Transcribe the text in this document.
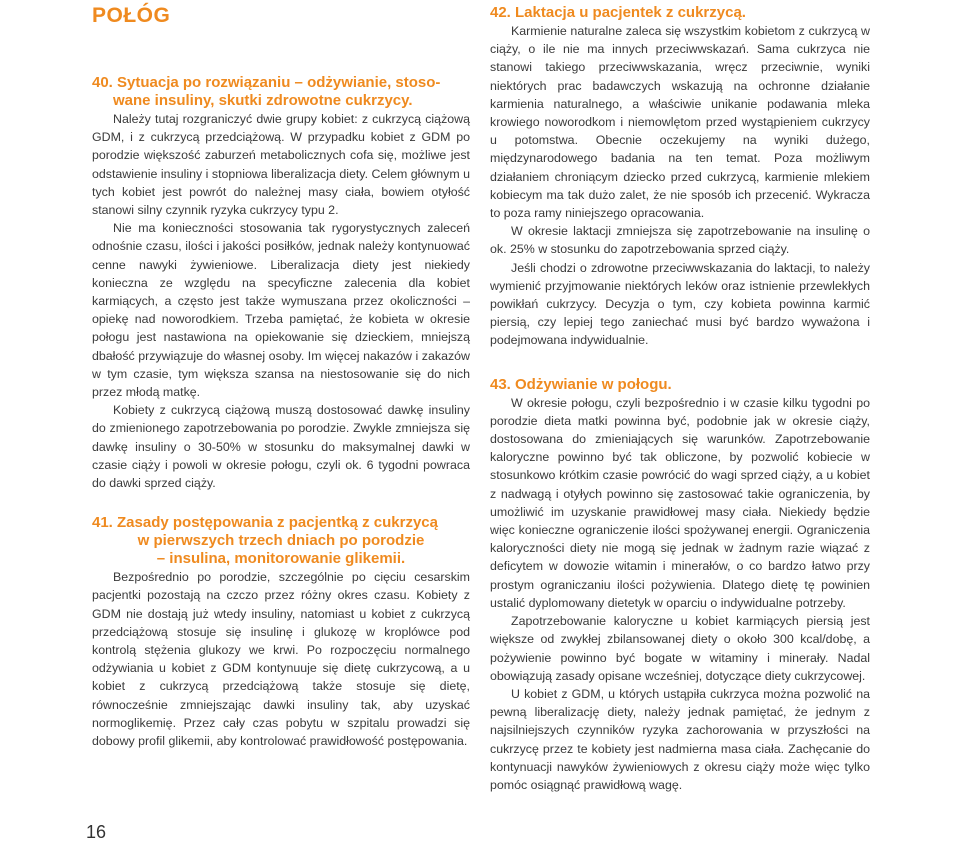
POŁÓG
40. Sytuacja po rozwiązaniu – odżywianie, stoso-
wane insuliny, skutki zdrowotne cukrzycy.

Należy tutaj rozgraniczyć dwie grupy kobiet: z cukrzycą ciążową GDM, i z cukrzycą przedciążową. W przypadku kobiet z GDM po porodzie większość zaburzeń metabolicznych cofa się, możliwe jest odstawienie insuliny i stopniowa liberalizacja diety. Celem głównym u tych kobiet jest powrót do należnej masy ciała, bowiem otyłość stanowi silny czynnik ryzyka cukrzycy typu 2.

Nie ma konieczności stosowania tak rygorystycznych zaleceń odnośnie czasu, ilości i jakości posiłków, jednak należy kontynuować cenne nawyki żywieniowe. Liberalizacja diety jest niekiedy konieczna ze względu na specyficzne zalecenia dla kobiet karmiących, a często jest także wymuszana przez okoliczności – opiekę nad noworodkiem. Trzeba pamiętać, że kobieta w okresie połogu jest nastawiona na opiekowanie się dzieckiem, mniejszą dbałość przywiązuje do własnej osoby. Im więcej nakazów i zakazów w tym czasie, tym większa szansa na niestosowanie się do nich przez młodą matkę.

Kobiety z cukrzycą ciążową muszą dostosować dawkę insuliny do zmienionego zapotrzebowania po porodzie. Zwykle zmniejsza się dawkę insuliny o 30-50% w stosunku do maksymalnej dawki w czasie ciąży i powoli w okresie połogu, czyli ok. 6 tygodni powraca do dawki sprzed ciąży.

41. Zasady postępowania z pacjentką z cukrzycą
w pierwszych trzech dniach po porodzie
– insulina, monitorowanie glikemii.

Bezpośrednio po porodzie, szczególnie po cięciu cesarskim pacjentki pozostają na czczo przez różny okres czasu. Kobiety z GDM nie dostają już wtedy insuliny, natomiast u kobiet z cukrzycą przedciążową stosuje się insulinę i glukozę w kroplówce pod kontrolą stężenia glukozy we krwi. Po rozpoczęciu normalnego odżywiania u kobiet z GDM kontynuuje się dietę cukrzycową, a u kobiet z cukrzycą przedciążową także stosuje się dietę, równocześnie zmniejszając dawki insuliny tak, aby uzyskać normoglikemię. Przez cały czas pobytu w szpitalu prowadzi się dobowy profil glikemii, aby kontrolować prawidłowość postępowania.

42. Laktacja u pacjentek z cukrzycą.

Karmienie naturalne zaleca się wszystkim kobietom z cukrzycą w ciąży, o ile nie ma innych przeciwwskazań. Sama cukrzyca nie stanowi takiego przeciwwskazania, wręcz przeciwnie, wyniki niektórych prac badawczych wskazują na ochronne działanie karmienia naturalnego, a właściwie unikanie podawania mleka krowiego noworodkom i niemowlętom przed wystąpieniem cukrzycy u potomstwa. Obecnie oczekujemy na wyniki dużego, międzynarodowego badania na ten temat. Poza możliwym działaniem chroniącym dziecko przed cukrzycą, karmienie mlekiem kobiecym ma tak dużo zalet, że nie sposób ich przecenić. Wykracza to poza ramy niniejszego opracowania.

W okresie laktacji zmniejsza się zapotrzebowanie na insulinę o ok. 25% w stosunku do zapotrzebowania sprzed ciąży.

Jeśli chodzi o zdrowotne przeciwwskazania do laktacji, to należy wymienić przyjmowanie niektórych leków oraz istnienie przewlekłych powikłań cukrzycy. Decyzja o tym, czy kobieta powinna karmić piersią, czy lepiej tego zaniechać musi być bardzo wyważona i podejmowana indywidualnie.

43. Odżywianie w połogu.

W okresie połogu, czyli bezpośrednio i w czasie kilku tygodni po porodzie dieta matki powinna być, podobnie jak w okresie ciąży, dostosowana do zmieniających się warunków. Zapotrzebowanie kaloryczne powinno być tak obliczone, by pozwolić kobiecie w stosunkowo krótkim czasie powrócić do wagi sprzed ciąży, a u kobiet z nadwagą i otyłych powinno się zastosować takie ograniczenia, by umożliwić im uzyskanie prawidłowej masy ciała. Niekiedy będzie więc konieczne ograniczenie ilości spożywanej energii. Ograniczenia kaloryczności diety nie mogą się jednak w żadnym razie wiązać z deficytem w dowozie witamin i minerałów, o co bardzo łatwo przy prostym ograniczaniu ilości pożywienia. Dlatego dietę tę powinien ustalić dyplomowany dietetyk w oparciu o indywidualne potrzeby.

Zapotrzebowanie kaloryczne u kobiet karmiących piersią jest większe od zwykłej zbilansowanej diety o około 300 kcal/dobę, a pożywienie powinno być bogate w witaminy i minerały. Nadal obowiązują zasady opisane wcześniej, dotyczące diety cukrzycowej.

U kobiet z GDM, u których ustąpiła cukrzyca można pozwolić na pewną liberalizację diety, należy jednak pamiętać, że jednym z najsilniejszych czynników ryzyka zachorowania w przyszłości na cukrzycę przez te kobiety jest nadmierna masa ciała. Zachęcanie do kontynuacji nawyków żywieniowych z okresu ciąży może więc tylko pomóc osiągnąć prawidłową wagę.

16
